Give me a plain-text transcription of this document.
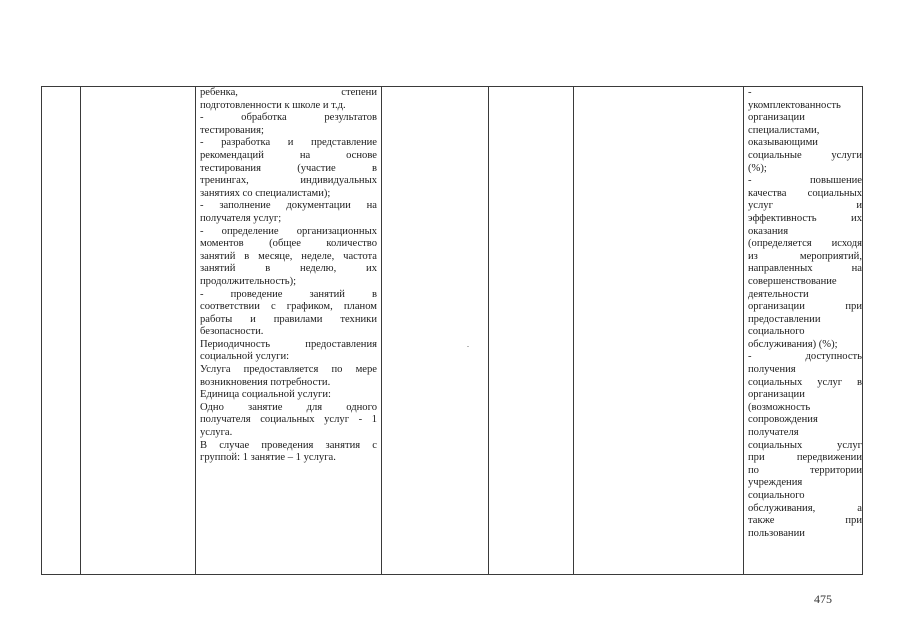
ребенка, степени

подготовленности к школе и т.д.

- обработка результатов

тестирования;

- разработка и представление

рекомендаций на основе

тестирования (участие в

тренингах, индивидуальных

занятиях со специалистами);

- заполнение документации на

получателя услуг;

- определение организационных

моментов (общее количество

занятий в месяце, неделе, частота

занятий в неделю, их

продолжительность);

- проведение занятий в

соответствии с графиком, планом

работы и правилами техники

безопасности.

Периодичность предоставления

социальной услуги:

Услуга предоставляется по мере

возникновения потребности.

Единица социальной услуги:

Одно занятие для одного

получателя социальных услуг - 1

услуга.

В случае проведения занятия с

группой: 1 занятие – 1 услуга.

-

укомплектованность

организации

специалистами,

оказывающими

социальные услуги

(%);

- повышение

качества социальных

услуг и

эффективность их

оказания

(определяется исходя

из мероприятий,

направленных на

совершенствование

деятельности

организации при

предоставлении

социального

обслуживания) (%);

- доступность

получения

социальных услуг в

организации

(возможность

сопровождения

получателя

социальных услуг

при передвижении

по территории

учреждения

социального

обслуживания, а

также при

пользовании

475
